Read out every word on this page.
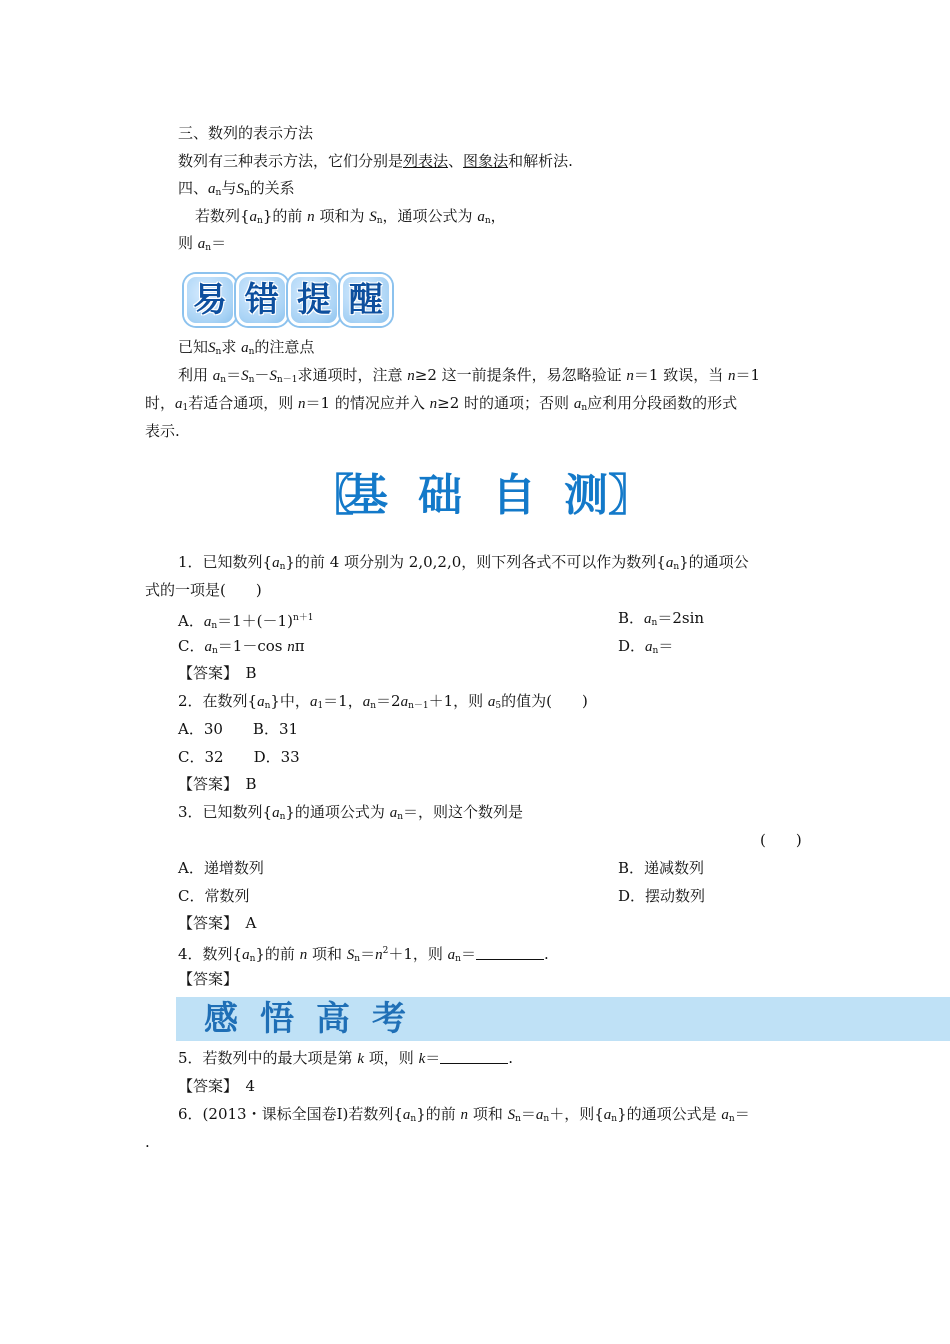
三、数列的表示方法
数列有三种表示方法，它们分别是列表法、图象法和解析法.
四、$a_n$与$S_n$的关系
若数列$\{a_n\}$的前 n 项和为 $S_n$，通项公式为 $a_n$，
则 $a_n=$
易 错 提 醒
已知$S_n$求 $a_n$的注意点
利用 $a_n=S_n-S_{n-1}$求通项时，注意 n≥2 这一前提条件，易忽略验证 n＝1 致误，当 n＝1
时，$a_1$若适合通项，则 n＝1 的情况应并入 n≥2 时的通项；否则 $a_n$应利用分段函数的形式
表示.
〖
基 础 自 测
〗
1．已知数列$\{a_n\}$的前 4 项分别为 2,0,2,0，则下列各式不可以作为数列$\{a_n\}$的通项公
式的一项是(　　)
A．$a_n=1+(-1)^{n+1}$	B．$a_n=2\sin$
C．$a_n=1-\cos$ nπ	D．$a_n=$
【答案】　 B
2．在数列$\{a_n\}$中，$a_1=1$，$a_n=2a_{n-1}+1$，则 $a_5$的值为(　　)
A．30　　B．31
C．32　　D．33
【答案】　 B
3．已知数列$\{a_n\}$的通项公式为 $a_n=$，则这个数列是
(　　)
A．递增数列	B．递减数列
C．常数列	D．摆动数列
【答案】　 A
4．数列$\{a_n\}$的前 n 项和 $S_n=n^2+1$，则 $a_n=$	.
【答案】
感 悟 高 考
5．若数列中的最大项是第 k 项，则 k＝	.
【答案】　 4
6．(2013・课标全国卷Ⅰ)若数列$\{a_n\}$的前 n 项和 $S_n=a_n+$，则$\{a_n\}$的通项公式是 $a_n=$
.
